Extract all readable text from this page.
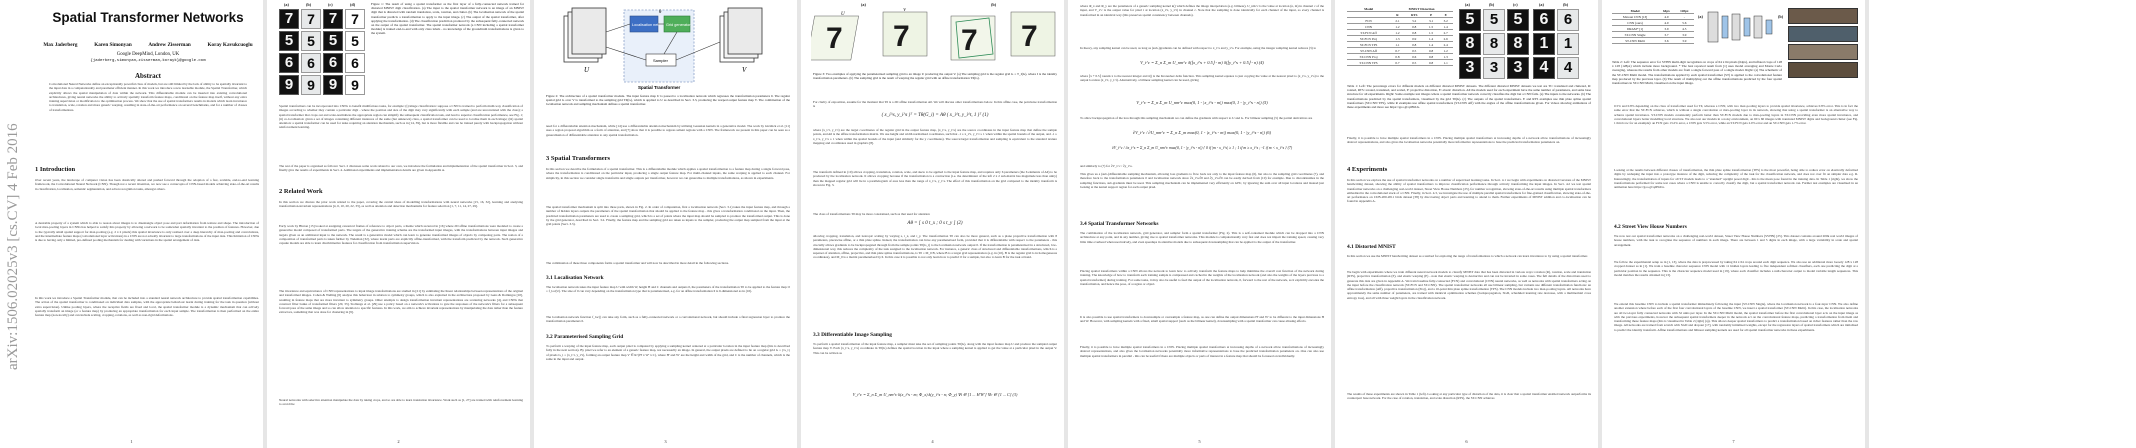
arXiv:1506.02025v3 [cs.CV] 4 Feb 2016
Spatial Transformer Networks
Max Jaderberg	Karen Simonyan	Andrew Zisserman	Koray Kavukcuoglu
Google DeepMind, London, UK
{jaderberg,simonyan,zisserman,korayk}@google.com
Abstract
Convolutional Neural Networks define an exceptionally powerful class of models, but are still limited by the lack of ability to be spatially invariant to the input data in a computationally and parameter efficient manner. In this work we introduce a new learnable module, the Spatial Transformer, which explicitly allows the spatial manipulation of data within the network. This differentiable module can be inserted into existing convolutional architectures, giving neural networks the ability to actively spatially transform feature maps, conditional on the feature map itself, without any extra training supervision or modification to the optimisation process. We show that the use of spatial transformers results in models which learn invariance to translation, scale, rotation and more generic warping, resulting in state-of-the-art performance on several benchmarks, and for a number of classes of transformations.
1 Introduction
Over recent years, the landscape of computer vision has been drastically altered and pushed forward through the adoption of a fast, scalable, end-to-end learning framework, the Convolutional Neural Network (CNN). Though not a recent invention, we now see a cornucopia of CNN-based models achieving state-of-the-art results in classification, localisation, semantic segmentation, and action recognition tasks, amongst others.
A desirable property of a system which is able to reason about images is to disentangle object pose and part deformation from texture and shape. The introduction of local max-pooling layers in CNNs has helped to satisfy this property by allowing a network to be somewhat spatially invariant to the position of features. However, due to the typically small spatial support for max-pooling (e.g. 2 x 2 pixels) this spatial invariance is only realised over a deep hierarchy of max-pooling and convolutions, and the intermediate feature maps (convolutional layer activations) in a CNN are not actually invariant to large transformations of the input data. This limitation of CNNs is due to having only a limited, pre-defined pooling mechanism for dealing with variations in the spatial arrangement of data.
In this work we introduce a Spatial Transformer module, that can be included into a standard neural network architecture to provide spatial transformation capabilities. The action of the spatial transformer is conditioned on individual data samples, with the appropriate behaviour learnt during training for the task in question (without extra supervision). Unlike pooling layers, where the receptive fields are fixed and local, the spatial transformer module is a dynamic mechanism that can actively spatially transform an image (or a feature map) by producing an appropriate transformation for each input sample. The transformation is then performed on the entire feature map (non-locally) and can include scaling, cropping, rotations, as well as non-rigid deformations.
1
(a)	(b)	(c)	(d)
7 7 7 7
5 5 5 5
6 6 6 6
9 9 9 9
Figure 1: The result of using a spatial transformer as the first layer of a fully-connected network trained for distorted MNIST digit classification. (a) The input to the spatial transformer network is an image of an MNIST digit that is distorted with random translation, scale, rotation, and clutter. (b) The localisation network of the spatial transformer predicts a transformation to apply to the input image. (c) The output of the spatial transformer, after applying the transformation. (d) The classification prediction produced by the subsequent fully-connected network on the output of the spatial transformer. The spatial transformer network (a CNN including a spatial transformer module) is trained end-to-end with only class labels - no knowledge of the groundtruth transformations is given to the system.
Spatial transformers can be incorporated into CNNs to benefit multifarious tasks, for example: (i) image classification: suppose a CNN is trained to perform multi-way classification of images according to whether they contain a particular digit - where the position and size of the digit may vary significantly with each sample (and are uncorrelated with the class); a spatial transformer that crops out and scale-normalizes the appropriate region can simplify the subsequent classification task, and lead to superior classification performance, see Fig. 1; (ii) co-localisation: given a set of images containing different instances of the same (but unknown) class, a spatial transformer can be used to localise them in each image; (iii) spatial attention: a spatial transformer can be used for tasks requiring an attention mechanism, such as in [14, 39], but is more flexible and can be trained purely with backpropagation without reinforcement learning.
The rest of the paper is organised as follows: Sect. 2 discusses some work related to our own, we introduce the formulation and implementation of the spatial transformer in Sect. 3, and finally give the results of experiments in Sect. 4. Additional experiments and implementation details are given in Appendix A.
2 Related Work
In this section we discuss the prior work related to the paper, covering the central ideas of modelling transformations with neural networks [15, 16, 32], learning and analysing transformation-invariant representations [4, 6, 10, 20, 22, 33], as well as attention and detection mechanisms for feature selection [1, 7, 11, 14, 27, 29].
Early work by Hinton [15] looked at assigning canonical frames of reference to object parts, a theme which recurred in [16] where 2D affine transformations were modeled to create a generative model composed of transformed parts. The targets of the generative training scheme are the transformed input images, with the transformations between input images and targets given as an additional input to the network. The result is a generative model which can learn to generate transformed images of objects by composing parts. The notion of a composition of transformed parts is taken further by Tieleman [32], where learnt parts are explicitly affine-transformed, with the transform predicted by the network. Such generative capsule models are able to learn discriminative features for classification from transformation supervision.
The invariance and equivariance of CNN representations to input image transformations are studied in [21] by estimating the linear relationships between representations of the original and transformed images. Cohen & Welling [6] analyse this behaviour in relation to symmetry groups, which is also exploited in the architecture proposed by Gens & Domingos [10], resulting in feature maps that are more invariant to symmetry groups. Other attempts to design transformation invariant representations are scattering networks [4], and CNNs that construct filter banks of transformed filters [20, 33]. Stollenga et al. [29] use a policy based on a network's activations to gate the responses of the network's filters for a subsequent forward pass of the same image and so can allow attention to specific features. In this work, we aim to achieve invariant representations by manipulating the data rather than the feature extractors, something that was done for clustering in [9].
Neural networks with selective attention manipulate the data by taking crops, and so are able to learn translation invariance. Work such as [1, 27] are trained with reinforcement learning to avoid the
2
U	V
θ
Localisation net Grid generator
Sampler
Spatial Transformer
Figure 2: The architecture of a spatial transformer module. The input feature map U is passed to a localisation network which regresses the transformation parameters θ. The regular spatial grid G over V is transformed to the sampling grid Tθ(G), which is applied to U as described in Sect. 3.3, producing the warped output feature map V. The combination of the localisation network and sampling mechanism defines a spatial transformer.
need for a differentiable attention mechanism, while [14] use a differentiable attention mechanism by utilising Gaussian kernels in a generative model. The work by Girshick et al. [11] uses a region proposal algorithm as a form of attention, and [7] show that it is possible to regress salient regions with a CNN. The framework we present in this paper can be seen as a generalisation of differentiable attention to any spatial transformation.
3 Spatial Transformers
In this section we describe the formulation of a spatial transformer. This is a differentiable module which applies a spatial transformation to a feature map during a single forward pass, where the transformation is conditioned on the particular input, producing a single output feature map. For multi-channel inputs, the same warping is applied to each channel. For simplicity, in this section we consider single transforms and single outputs per transformer, however we can generalise to multiple transformations, as shown in experiments.
The spatial transformer mechanism is split into three parts, shown in Fig. 2. In order of computation, first a localisation network (Sect. 3.1) takes the input feature map, and through a number of hidden layers outputs the parameters of the spatial transformation that should be applied to the feature map - this gives a transformation conditional on the input. Then, the predicted transformation parameters are used to create a sampling grid, which is a set of points where the input map should be sampled to produce the transformed output. This is done by the grid generator, described in Sect. 3.2. Finally, the feature map and the sampling grid are taken as inputs to the sampler, producing the output map sampled from the input at the grid points (Sect. 3.3).
The combination of these three components forms a spatial transformer and will now be described in more detail in the following sections.
3.1 Localisation Network
The localisation network takes the input feature map U with width W, height H and C channels and outputs θ, the parameters of the transformation Tθ to be applied to the feature map: θ = f_loc(U). The size of θ can vary depending on the transformation type that is parameterised, e.g. for an affine transformation θ is 6-dimensional as in (10).
The localisation network function f_loc() can take any form, such as a fully-connected network or a convolutional network, but should include a final regression layer to produce the transformation parameters θ.
3.2 Parameterised Sampling Grid
To perform a warping of the input feature map, each output pixel is computed by applying a sampling kernel centered at a particular location in the input feature map (this is described fully in the next section). By pixel we refer to an element of a generic feature map, not necessarily an image. In general, the output pixels are defined to lie on a regular grid G = {G_i} of pixels G_i = (x_i^t, y_i^t), forming an output feature map V ∈ R^(H' x W' x C), where H' and W' are the height and width of the grid, and C is the number of channels, which is the same in the input and output.
3
(a)	(b)
7 7
U
V
7 7
Figure 3: Two examples of applying the parameterised sampling grid to an image U producing the output V. (a) The sampling grid is the regular grid G = T_I(G), where I is the identity transformation parameters. (b) The sampling grid is the result of warping the regular grid with an affine transformation Tθ(G).
For clarity of exposition, assume for the moment that Tθ is a 2D affine transformation Aθ. We will discuss other transformations below. In this affine case, the pointwise transformation is
( x_i^s, y_i^s )ᵀ = Tθ(G_i) = Aθ ( x_i^t, y_i^t, 1 )ᵀ (1)
where (x_i^t, y_i^t) are the target coordinates of the regular grid in the output feature map, (x_i^s, y_i^s) are the source coordinates in the input feature map that define the sample points, and Aθ is the affine transformation matrix. We use height and width normalised coordinates, such that -1 ≤ x_i^t, y_i^t ≤ 1 when within the spatial bounds of the output, and -1 ≤ x_i^s, y_i^s ≤ 1 when within the spatial bounds of the input (and similarly for the y coordinates). The source/target transformation and sampling is equivalent to the standard texture mapping and coordinates used in graphics [8].
The transform defined in (10) allows cropping, translation, rotation, scale, and skew to be applied to the input feature map, and requires only 6 parameters (the 6 elements of Aθ) to be produced by the localisation network. It allows cropping because if the transformation is a contraction (i.e. the determinant of the left 2 x 2 sub-matrix has magnitude less than unity) then the mapped regular grid will lie in a parallelogram of area less than the range of x_i^s, y_i^s. The effect of this transformation on the grid compared to the identity transform is shown in Fig. 3.
The class of transformations Tθ may be more constrained, such as that used for attention
Aθ = [ s 0 t_x ; 0 s t_y ] (2)
allowing cropping, translation, and isotropic scaling by varying s, t_x, and t_y. The transformation Tθ can also be more general, such as a plane projective transformation with 8 parameters, piecewise affine, or a thin plate spline. Indeed, the transformation can have any parameterised form, provided that it is differentiable with respect to the parameters - this crucially allows gradients to be backpropagated through from the sample points Tθ(G_i) to the localisation network output θ. If the transformation is parameterised in a structured, low-dimensional way, this reduces the complexity of the task assigned to the localisation network. For instance, a generic class of structured and differentiable transformations, which is a superset of attention, affine, projective, and thin plate spline transformations, is Tθ = M_θ B, where B is a target grid representation (e.g. in (10), B is the regular grid G in homogeneous coordinates), and M_θ is a matrix parameterised by θ. In this case it is possible to not only learn how to predict θ for a sample, but also to learn B for the task at hand.
3.3 Differentiable Image Sampling
To perform a spatial transformation of the input feature map, a sampler must take the set of sampling points Tθ(G), along with the input feature map U and produce the sampled output feature map V. Each (x_i^s, y_i^s) coordinate in Tθ(G) defines the spatial location in the input where a sampling kernel is applied to get the value at a particular pixel in the output V. This can be written as
V_i^c = Σ_n Σ_m U_nm^c k(x_i^s - m; Φ_x) k(y_i^s - n; Φ_y) ∀i ∈ [1 ... H'W'] ∀c ∈ [1 ... C] (3)
4
where Φ_x and Φ_y are the parameters of a generic sampling kernel k() which defines the image interpolation (e.g. bilinear), U_nm^c is the value at location (n, m) in channel c of the input, and V_i^c is the output value for pixel i at location (x_i^t, y_i^t) in channel c. Note that the sampling is done identically for each channel of the input, so every channel is transformed in an identical way (this preserves spatial consistency between channels).
In theory, any sampling kernel can be used, as long as (sub-)gradients can be defined with respect to x_i^s and y_i^s. For example, using the integer sampling kernel reduces (3) to
V_i^c = Σ_n Σ_m U_nm^c δ(⌊x_i^s + 0.5⌋ - m) δ(⌊y_i^s + 0.5⌋ - n) (4)
where ⌊x + 0.5⌋ rounds x to the nearest integer and δ() is the Kronecker delta function. This sampling kernel equates to just copying the value at the nearest pixel to (x_i^s, y_i^s) to the output location (x_i^t, y_i^t). Alternatively, a bilinear sampling kernel can be used, giving
V_i^c = Σ_n Σ_m U_nm^c max(0, 1 - |x_i^s - m|) max(0, 1 - |y_i^s - n|) (5)
To allow backpropagation of the loss through this sampling mechanism we can define the gradients with respect to U and G. For bilinear sampling (5) the partial derivatives are
∂V_i^c / ∂U_nm^c = Σ_n Σ_m max(0, 1 - |x_i^s - m|) max(0, 1 - |y_i^s - n|) (6)
∂V_i^c / ∂x_i^s = Σ_n Σ_m U_nm^c max(0, 1 - |y_i^s - n|) { 0 if |m - x_i^s| ≥ 1 ; 1 if m ≥ x_i^s ; -1 if m < x_i^s } (7)
and similarly to (7) for ∂V_i^c / ∂y_i^s.
This gives us a (sub-)differentiable sampling mechanism, allowing loss gradients to flow back not only to the input feature map (6), but also to the sampling grid coordinates (7), and therefore back to the transformation parameters θ and localisation network since ∂x_i^s/∂θ and ∂y_i^s/∂θ can be easily derived from (10) for example. Due to discontinuities in the sampling functions, sub-gradients must be used. This sampling mechanism can be implemented very efficiently on GPU, by ignoring the sum over all input locations and instead just looking at the kernel support region for each output pixel.
3.4 Spatial Transformer Networks
The combination of the localisation network, grid generator, and sampler form a spatial transformer (Fig. 2). This is a self-contained module which can be dropped into a CNN architecture at any point, and in any number, giving rise to spatial transformer networks. This module is computationally very fast and does not impair the training speed, causing very little time overhead when used naively, and even speedups in attentive models due to subsequent downsampling that can be applied to the output of the transformer.
Placing spatial transformers within a CNN allows the network to learn how to actively transform the feature maps to help minimise the overall cost function of the network during training. The knowledge of how to transform each training sample is compressed and cached in the weights of the localisation network (and also the weights of the layers previous to a spatial transformer) during training. For some tasks, it may also be useful to feed the output of the localisation network, θ, forward to the rest of the network, as it explicitly encodes the transformation, and hence the pose, of a region or object.
It is also possible to use spatial transformers to downsample or oversample a feature map, as one can define the output dimensions H' and W' to be different to the input dimensions H and W. However, with sampling kernels with a fixed, small spatial support (such as the bilinear kernel), downsampling with a spatial transformer can cause aliasing effects.
Finally, it is possible to have multiple spatial transformers in a CNN. Placing multiple spatial transformers at increasing depths of a network allow transformations of increasingly abstract representations, and also gives the localisation networks potentially more informative representations to base the predicted transformation parameters on. One can also use multiple spatial transformers in parallel - this can be useful if there are multiple objects or parts of interest in a feature map that should be focussed on individually.
5
Model	MNIST Distortion			
	R	RTS	P	E
FCN	2.1	5.2	3.1	3.2
CNN	1.2	0.8	1.5	1.4
ST-FCN Aff	1.2	0.8	1.5	2.7
ST-FCN Proj	1.3	0.9	1.4	2.6
ST-FCN TPS	1.1	0.8	1.4	2.4
ST-CNN Aff	0.7	0.5	0.8	1.2
ST-CNN Proj	0.8	0.6	0.8	1.3
ST-CNN TPS	0.7	0.5	0.8	1.1
(a)	(b)	(c)	(a)	(b)
5	5 5	6	6
8	8 8	1	1
3	3 3	4	4
Table 1: Left: The percentage errors for different models on different distorted MNIST datasets. The different distorted MNIST datasets we test are TC: translated and cluttered, R: rotated, RTS: rotated, translated, and scaled, P: projective distortion, E: elastic distortion. All the models used for each experiment have the same number of parameters, and same base structure for all experiments. Right: Some example test images where a spatial transformer network correctly classifies the digit but a CNN fails. (a) The inputs to the networks. (b) The transformations predicted by the spatial transformers, visualised by the grid Tθ(G). (c) The outputs of the spatial transformers. E and RTS examples use thin plate spline spatial transformers (ST-CNN TPS), while R examples use affine spatial transformers (ST-CNN Aff) with the angles of the affine transformations given. For videos showing animations of these experiments and more see https://goo.gl/qdEhUu.
Finally, it is possible to have multiple spatial transformers in a CNN. Placing multiple spatial transformers at increasing depths of a network allow transformations of increasingly abstract representations, and also gives the localisation networks potentially more informative representations to base the predicted transformation parameters on.
4 Experiments
In this section we explore the use of spatial transformer networks on a number of supervised learning tasks. In Sect. 4.1 we begin with experiments on distorted versions of the MNIST handwriting dataset, showing the ability of spatial transformers to improve classification performance through actively transforming the input images. In Sect. 4.2 we test spatial transformer networks on a challenging real-world dataset, Street View House Numbers [25], for number recognition, showing state-of-the-art results using multiple spatial transformers embedded in the convolutional stack of a CNN. Finally, in Sect. 4.3, we investigate the use of multiple parallel spatial transformers for fine-grained classification, showing state-of-the-art performance on CUB-200-2011 birds dataset [38] by discovering object parts and learning to attend to them. Further experiments of MNIST addition and co-localisation can be found in Appendix A.
4.1 Distorted MNIST
In this section we use the MNIST handwriting dataset as a testbed for exploring the range of transformations to which a network can learn invariance to by using a spatial transformer.
We begin with experiments where we train different neural network models to classify MNIST data that has been distorted in various ways: rotation (R), rotation, scale and translation (RTS), projective transformation (P), and elastic warping (E) - note that elastic warping is destructive and can not be inverted in some cases. The full details of the distortions used to generate this data are given in Appendix A. We train baseline fully-connected (FCN) and convolutional (CNN) neural networks, as well as networks with spatial transformers acting on the input before the classification network (ST-FCN and ST-CNN). The spatial transformer networks all use bilinear sampling, but variants use different transformation functions: an affine transformation (Aff), projective transformation (Proj), and a 16-point thin plate spline transformation (TPS). The CNN models include two max-pooling layers. All networks have approximately the same number of parameters, are trained with identical optimisation schemes (backpropagation, SGD, scheduled learning rate decrease, with a multinomial cross entropy loss), and all with three weight layers in the classification network.
The results of these experiments are shown in Table 1 (left). Looking at any particular type of distortion of the data, it is clear that a spatial transformer enabled network outperforms its counterpart base network. For the case of rotation, translation, and scale distortion (RTS), the ST-CNN achieves
6
Model	64px	128px
Maxout CNN [13]	4.0	-
CNN (ours)	4.0	5.6
DRAM* [1]	3.9	4.5
ST-CNN Single	3.7	3.9
ST-CNN Multi	3.6	3.9
(a)	(b)
Table 2: Left: The sequence error for SVHN multi-digit recognition on crops of 64 x 64 pixels (64px), and inflated crops of 128 x 128 (128px) which include more background. * The best reported result from [1] uses model averaging and Monte Carlo averaging, whereas the results from other models are from a single forward pass of a single model. Right: (a) The schematic of the ST-CNN Multi model. The transformations applied by each spatial transformer (ST) is applied to the convolutional feature map produced by the previous layer. (b) The result of multiplying out the affine transformations predicted by the four spatial transformers in ST-CNN Multi, visualised on the input image.
0.5% and 0.8% depending on the class of transformer used for Tθ, whereas a CNN, with two max-pooling layers to provide spatial invariance, achieves 0.8% error. This is in fact the same error that the ST-FCN achieves, which is without a single convolution or max-pooling layer in its network, showing that using a spatial transformer is an alternative way to achieve spatial invariance. ST-CNN models consistently perform better than ST-FCN models due to max-pooling layers in ST-CNN providing even more spatial invariance, and convolutional layers better modelling local structure. We also test our models in a noisy environment, on 60 x 60 images with translated MNIST digits and background clutter (see Fig. 1 third row for an example): an FCN gets 13.2% error, a CNN gets 3.5% error, while an ST-FCN gets 2.0% error and an ST-CNN gets 1.7% error.
Looking at the results between different classes of transformation, the thin plate spline transformation (TPS) is the most powerful, being able to reduce error on elastically deformed digits by reshaping the input into a prototype instance of the digit, reducing the complexity of the task for the classification network, and does not over fit on simpler data e.g. R. Interestingly, the transformation of inputs for all ST models leads to a "standard" upright posed digit - this is the mean pose found in the training data. In Table 1 (right), we show the transformations performed for some test cases where a CNN is unable to correctly classify the digit, but a spatial transformer network can. Further test examples are visualised in an animation here https://goo.gl/qdEhUu.
4.2 Street View House Numbers
We now test our spatial transformer networks on a challenging real-world dataset, Street View House Numbers (SVHN) [25]. This dataset contains around 200k real world images of house numbers, with the task to recognise the sequence of numbers in each image. There are between 1 and 5 digits in each image, with a large variability in scale and spatial arrangement.
We follow the experimental setup as in [1, 13], where the data is preprocessed by taking 64 x 64 crops around each digit sequence. We also use an additional more loosely 128 x 128 cropped dataset as in [1]. We train a baseline character sequence CNN model with 11 hidden layers leading to five independent softmax classifiers, each one predicting the digit at a particular position in the sequence. This is the character sequence model used in [19], where each classifier includes a null-character output to model variable length sequences. This model matches the results obtained in [13].
We extend this baseline CNN to include a spatial transformer immediately following the input (ST-CNN Single), where the localisation network is a four-layer CNN. We also define another extension where before each of the first four convolutional layers of the baseline CNN, we insert a spatial transformer (ST-CNN Multi). In this case, the localisation networks are all two-layer fully connected networks with 32 units per layer. In the ST-CNN Multi model, the spatial transformer before the first convolutional layer acts on the input image as with the previous experiments, however the subsequent spatial transformers deeper in the network act on the convolutional feature maps, predicting a transformation from them and transforming these feature maps (this is visualised in Table 2 (right) (a)). This allows deeper spatial transformers to predict a transformation based on richer features rather than the raw image. All networks are trained from scratch with SGD and dropout [17], with randomly initialised weights, except for the regression layers of spatial transformers which are initialised to predict the identity transform. Affine transformations and bilinear sampling kernels are used for all spatial transformer networks in these experiments.
7
